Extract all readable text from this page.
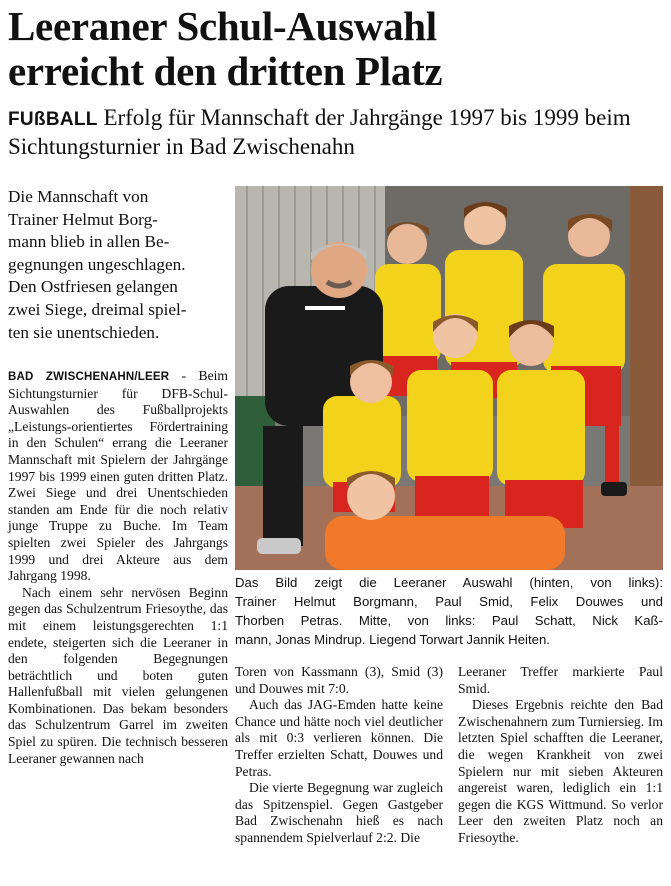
Leeraner Schul-Auswahl
erreicht den dritten Platz
FUßBALL Erfolg für Mannschaft der Jahrgänge 1997 bis 1999 beim Sichtungsturnier in Bad Zwischenahn
Die Mannschaft von
Trainer Helmut Borg-
mann blieb in allen Be-
gegnungen ungeschlagen.
Den Ostfriesen gelangen
zwei Siege, dreimal spiel-
ten sie unentschieden.

BAD ZWISCHENAHN/LEER - Beim Sichtungsturnier für DFB-Schul-Auswahlen des Fußballprojekts „Leistungs-orientiertes Fördertraining in den Schulen“ errang die Leeraner Mannschaft mit Spielern der Jahrgänge 1997 bis 1999 einen guten dritten Platz. Zwei Siege und drei Unentschieden standen am Ende für die noch relativ junge Truppe zu Buche. Im Team spielten zwei Spieler des Jahrgangs 1999 und drei Akteure aus dem Jahrgang 1998.

Nach einem sehr nervösen Beginn gegen das Schulzentrum Friesoythe, das mit einem leistungsgerechten 1:1 endete, steigerten sich die Leeraner in den folgenden Begegnungen beträchtlich und boten guten Hallenfußball mit vielen gelungenen Kombinationen. Das bekam besonders das Schulzentrum Garrel im zweiten Spiel zu spüren. Die technisch besseren Leeraner gewannen nach

Das Bild zeigt die Leeraner Auswahl (hinten, von links):
Trainer Helmut Borgmann, Paul Smid, Felix Douwes und
Thorben Petras. Mitte, von links: Paul Schatt, Nick Kaß-
mann, Jonas Mindrup. Liegend Torwart Jannik Heiten.

Toren von Kassmann (3), Smid (3) und Douwes mit 7:0.

Auch das JAG-Emden hatte keine Chance und hätte noch viel deutlicher als mit 0:3 verlieren können. Die Treffer erzielten Schatt, Douwes und Petras.

Die vierte Begegnung war zugleich das Spitzenspiel. Gegen Gastgeber Bad Zwischenahn hieß es nach spannendem Spielverlauf 2:2. Die

Leeraner Treffer markierte Paul Smid.

Dieses Ergebnis reichte den Bad Zwischenahnern zum Turniersieg. Im letzten Spiel schafften die Leeraner, die wegen Krankheit von zwei Spielern nur mit sieben Akteuren angereist waren, lediglich ein 1:1 gegen die KGS Wittmund. So verlor Leer den zweiten Platz noch an Friesoythe.
